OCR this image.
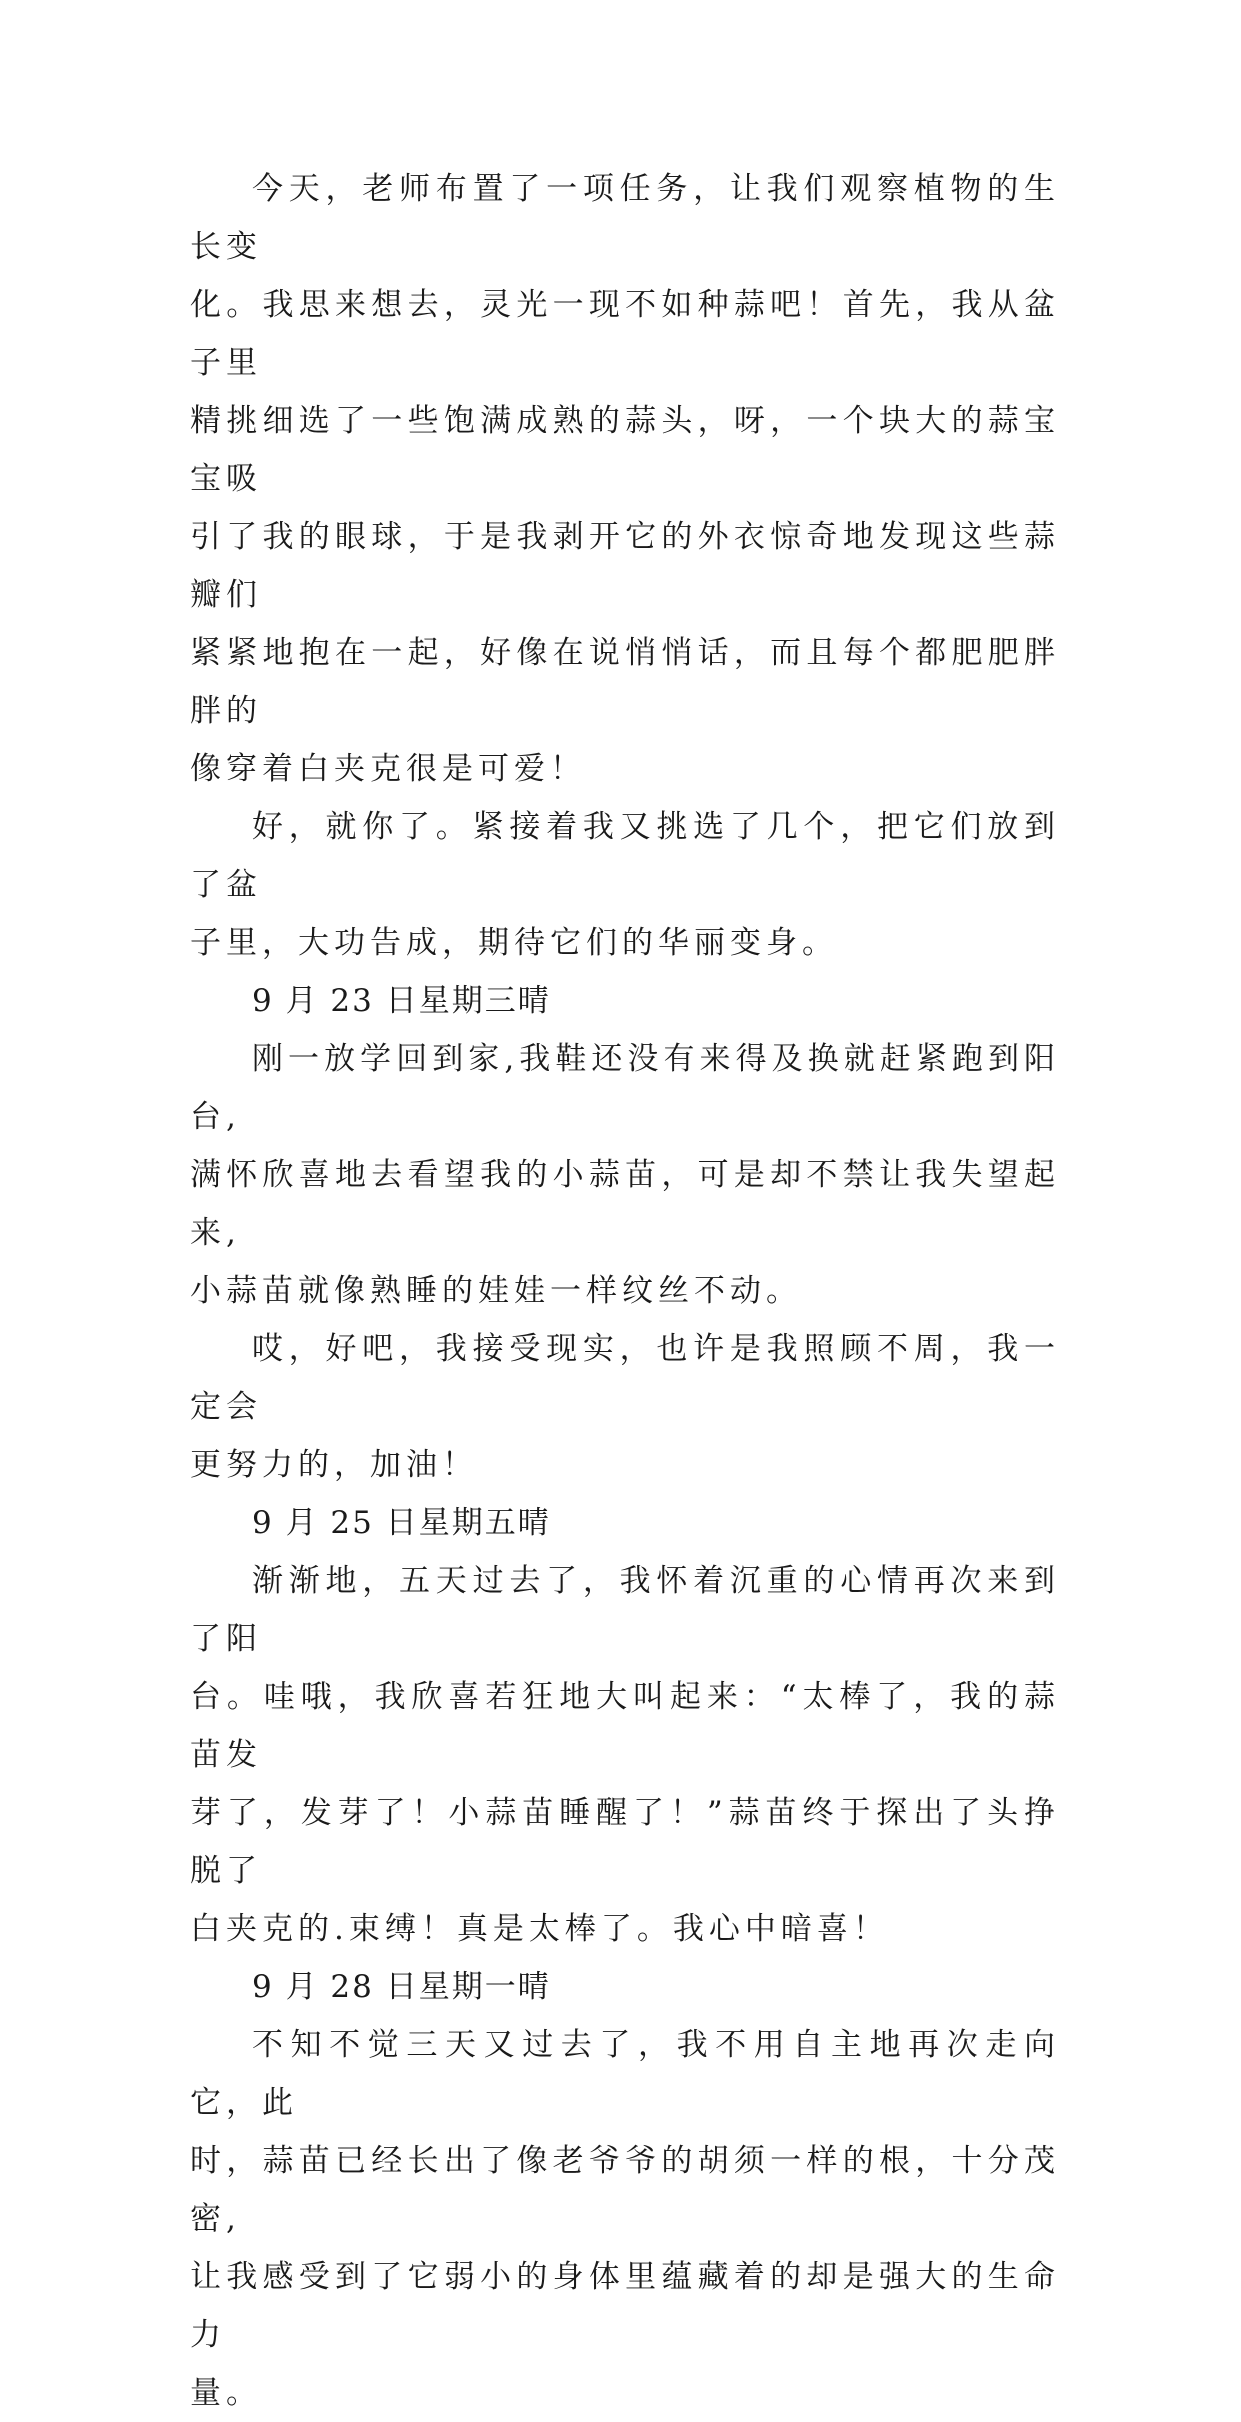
今天，老师布置了一项任务，让我们观察植物的生长变
化。我思来想去，灵光一现不如种蒜吧！首先，我从盆子里
精挑细选了一些饱满成熟的蒜头，呀，一个块大的蒜宝宝吸
引了我的眼球，于是我剥开它的外衣惊奇地发现这些蒜瓣们
紧紧地抱在一起，好像在说悄悄话，而且每个都肥肥胖胖的
像穿着白夹克很是可爱！

好，就你了。紧接着我又挑选了几个，把它们放到了盆
子里，大功告成，期待它们的华丽变身。

9 月 23 日星期三晴

刚一放学回到家,我鞋还没有来得及换就赶紧跑到阳台,
满怀欣喜地去看望我的小蒜苗，可是却不禁让我失望起来,
小蒜苗就像熟睡的娃娃一样纹丝不动。

哎，好吧，我接受现实，也许是我照顾不周，我一定会
更努力的，加油！

9 月 25 日星期五晴

渐渐地，五天过去了，我怀着沉重的心情再次来到了阳
台。哇哦，我欣喜若狂地大叫起来：“太棒了，我的蒜苗发
芽了，发芽了！小蒜苗睡醒了！”蒜苗终于探出了头挣脱了
白夹克的.束缚！真是太棒了。我心中暗喜！

9 月 28 日星期一晴

不知不觉三天又过去了，我不用自主地再次走向它，此
时，蒜苗已经长出了像老爷爷的胡须一样的根，十分茂密,
让我感受到了它弱小的身体里蕴藏着的却是强大的生命力
量。
